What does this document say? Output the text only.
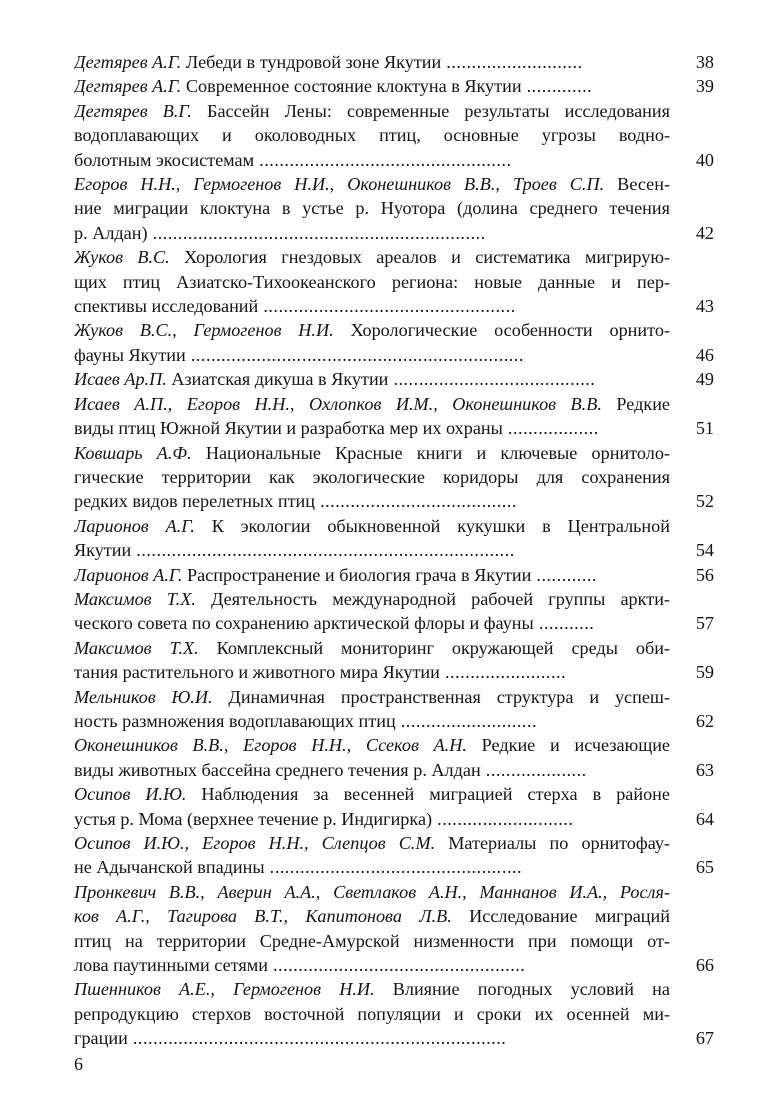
Дегтярев А.Г. Лебеди в тундровой зоне Якутии ...........................	38
Дегтярев А.Г. Современное состояние клоктуна в Якутии .............	39
Дегтярев В.Г. Бассейн Лены: современные результаты исследования
водоплавающих и околоводных птиц, основные угрозы водно-
болотным экосистемам ..................................................	40
Егоров Н.Н., Гермогенов Н.И., Оконешников В.В., Троев С.П. Весен-
ние миграции клоктуна в устье р. Нуотора (долина среднего течения
р. Алдан) ..................................................................	42
Жуков В.С. Хорология гнездовых ареалов и систематика мигрирую-
щих птиц Азиатско-Тихоокеанского региона: новые данные и пер-
спективы исследований ..................................................	43
Жуков В.С., Гермогенов Н.И. Хорологические особенности орнито-
фауны Якутии ..................................................................	46
Исаев Ар.П. Азиатская дикуша в Якутии ........................................	49
Исаев А.П., Егоров Н.Н., Охлопков И.М., Оконешников В.В. Редкие
виды птиц Южной Якутии и разработка мер их охраны ..................	51
Ковшарь А.Ф. Национальные Красные книги и ключевые орнитоло-
гические территории как экологические коридоры для сохранения
редких видов перелетных птиц .......................................	52
Ларионов А.Г. К экологии обыкновенной кукушки в Центральной
Якутии ...........................................................................	54
Ларионов А.Г. Распространение и биология грача в Якутии ............	56
Максимов Т.Х. Деятельность международной рабочей группы аркти-
ческого совета по сохранению арктической флоры и фауны ...........	57
Максимов Т.Х. Комплексный мониторинг окружающей среды оби-
тания растительного и животного мира Якутии ........................	59
Мельников Ю.И. Динамичная пространственная структура и успеш-
ность размножения водоплавающих птиц ...........................	62
Оконешников В.В., Егоров Н.Н., Ссеков А.Н. Редкие и исчезающие
виды животных бассейна среднего течения р. Алдан ....................	63
Осипов И.Ю. Наблюдения за весенней миграцией стерха в районе
устья р. Мома (верхнее течение р. Индигирка) ...........................	64
Осипов И.Ю., Егоров Н.Н., Слепцов С.М. Материалы по орнитофау-
не Адычанской впадины ..................................................	65
Пронкевич В.В., Аверин А.А., Светлаков А.Н., Маннанов И.А., Росля-
ков А.Г., Тагирова В.Т., Капитонова Л.В. Исследование миграций
птиц на территории Средне-Амурской низменности при помощи от-
лова паутинными сетями ..................................................	66
Пшенников А.Е., Гермогенов Н.И. Влияние погодных условий на
репродукцию стерхов восточной популяции и сроки их осенней ми-
грации ..........................................................................	67
6
